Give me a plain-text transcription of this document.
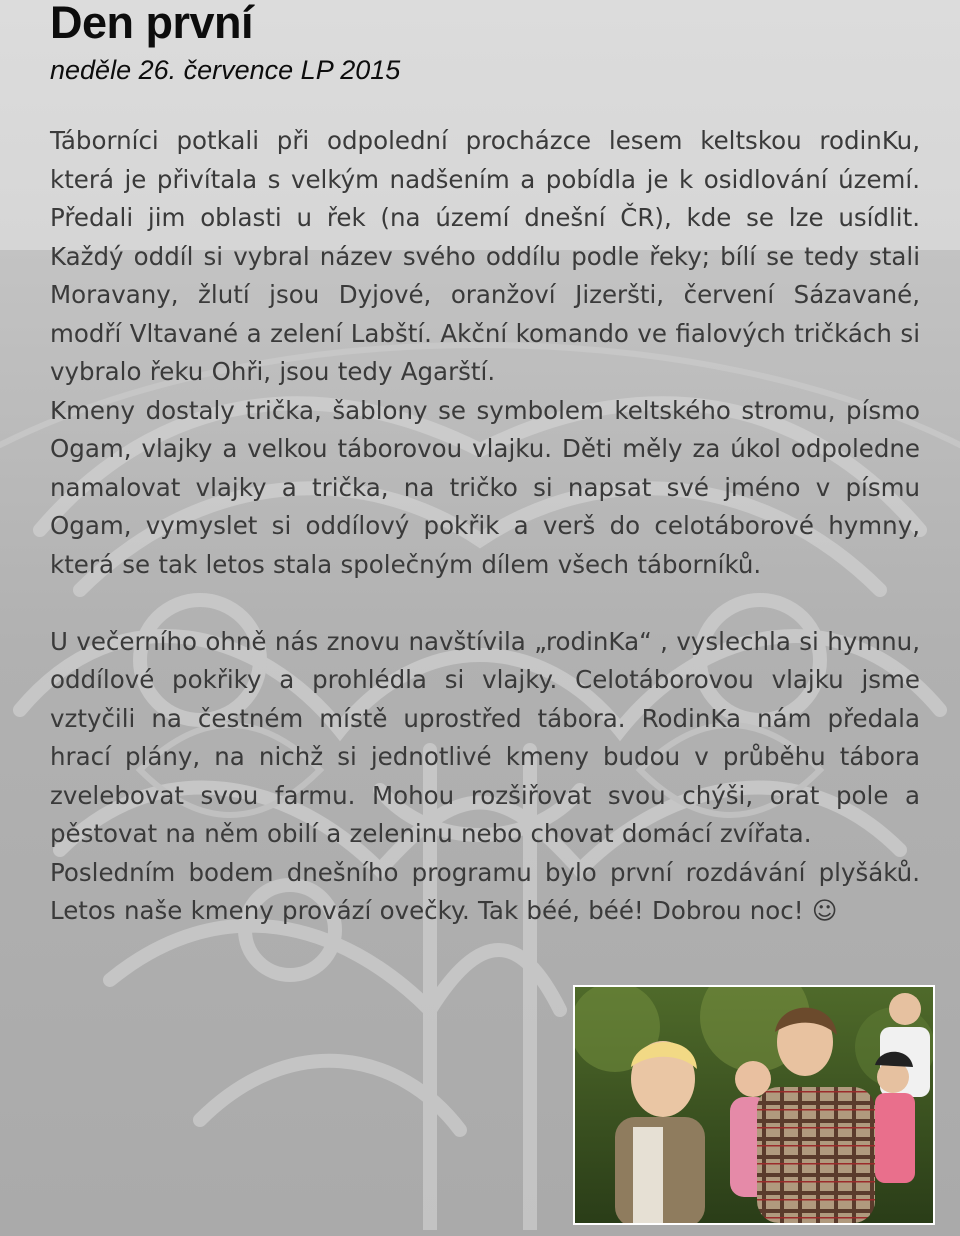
Den první
neděle 26. července LP 2015

Táborníci potkali při odpolední procházce lesem keltskou rodinKu, která je přivítala s velkým nadšením a pobídla je k osidlování území. Předali jim oblasti u řek (na území dnešní ČR), kde se lze usídlit. Každý oddíl si vybral název svého oddílu podle řeky; bílí se tedy stali Moravany, žlutí jsou Dyjové, oranžoví Jizeršti, červení Sázavané, modří Vltavané a zelení Labští. Akční komando ve fialových tričkách si vybralo řeku Ohři, jsou tedy Agarští.

Kmeny dostaly trička, šablony se symbolem keltského stromu, písmo Ogam, vlajky a velkou táborovou vlajku. Děti měly za úkol odpoledne namalovat vlajky a trička, na tričko si napsat své jméno v písmu Ogam, vymyslet si oddílový pokřik a verš do celotáborové hymny, která se tak letos stala společným dílem všech táborníků.

U večerního ohně nás znovu navštívila „rodinKa“ , vyslechla si hymnu, oddílové pokřiky a prohlédla si vlajky. Celotáborovou vlajku jsme vztyčili na čestném místě uprostřed tábora. RodinKa nám předala hrací plány, na nichž si jednotlivé kmeny budou v průběhu tábora zvelebovat svou farmu. Mohou rozšiřovat svou chýši, orat pole a pěstovat na něm obilí a zeleninu nebo chovat domácí zvířata.

Posledním bodem dnešního programu bylo první rozdávání plyšáků. Letos naše kmeny provází ovečky. Tak béé, béé! Dobrou noc! ☺
